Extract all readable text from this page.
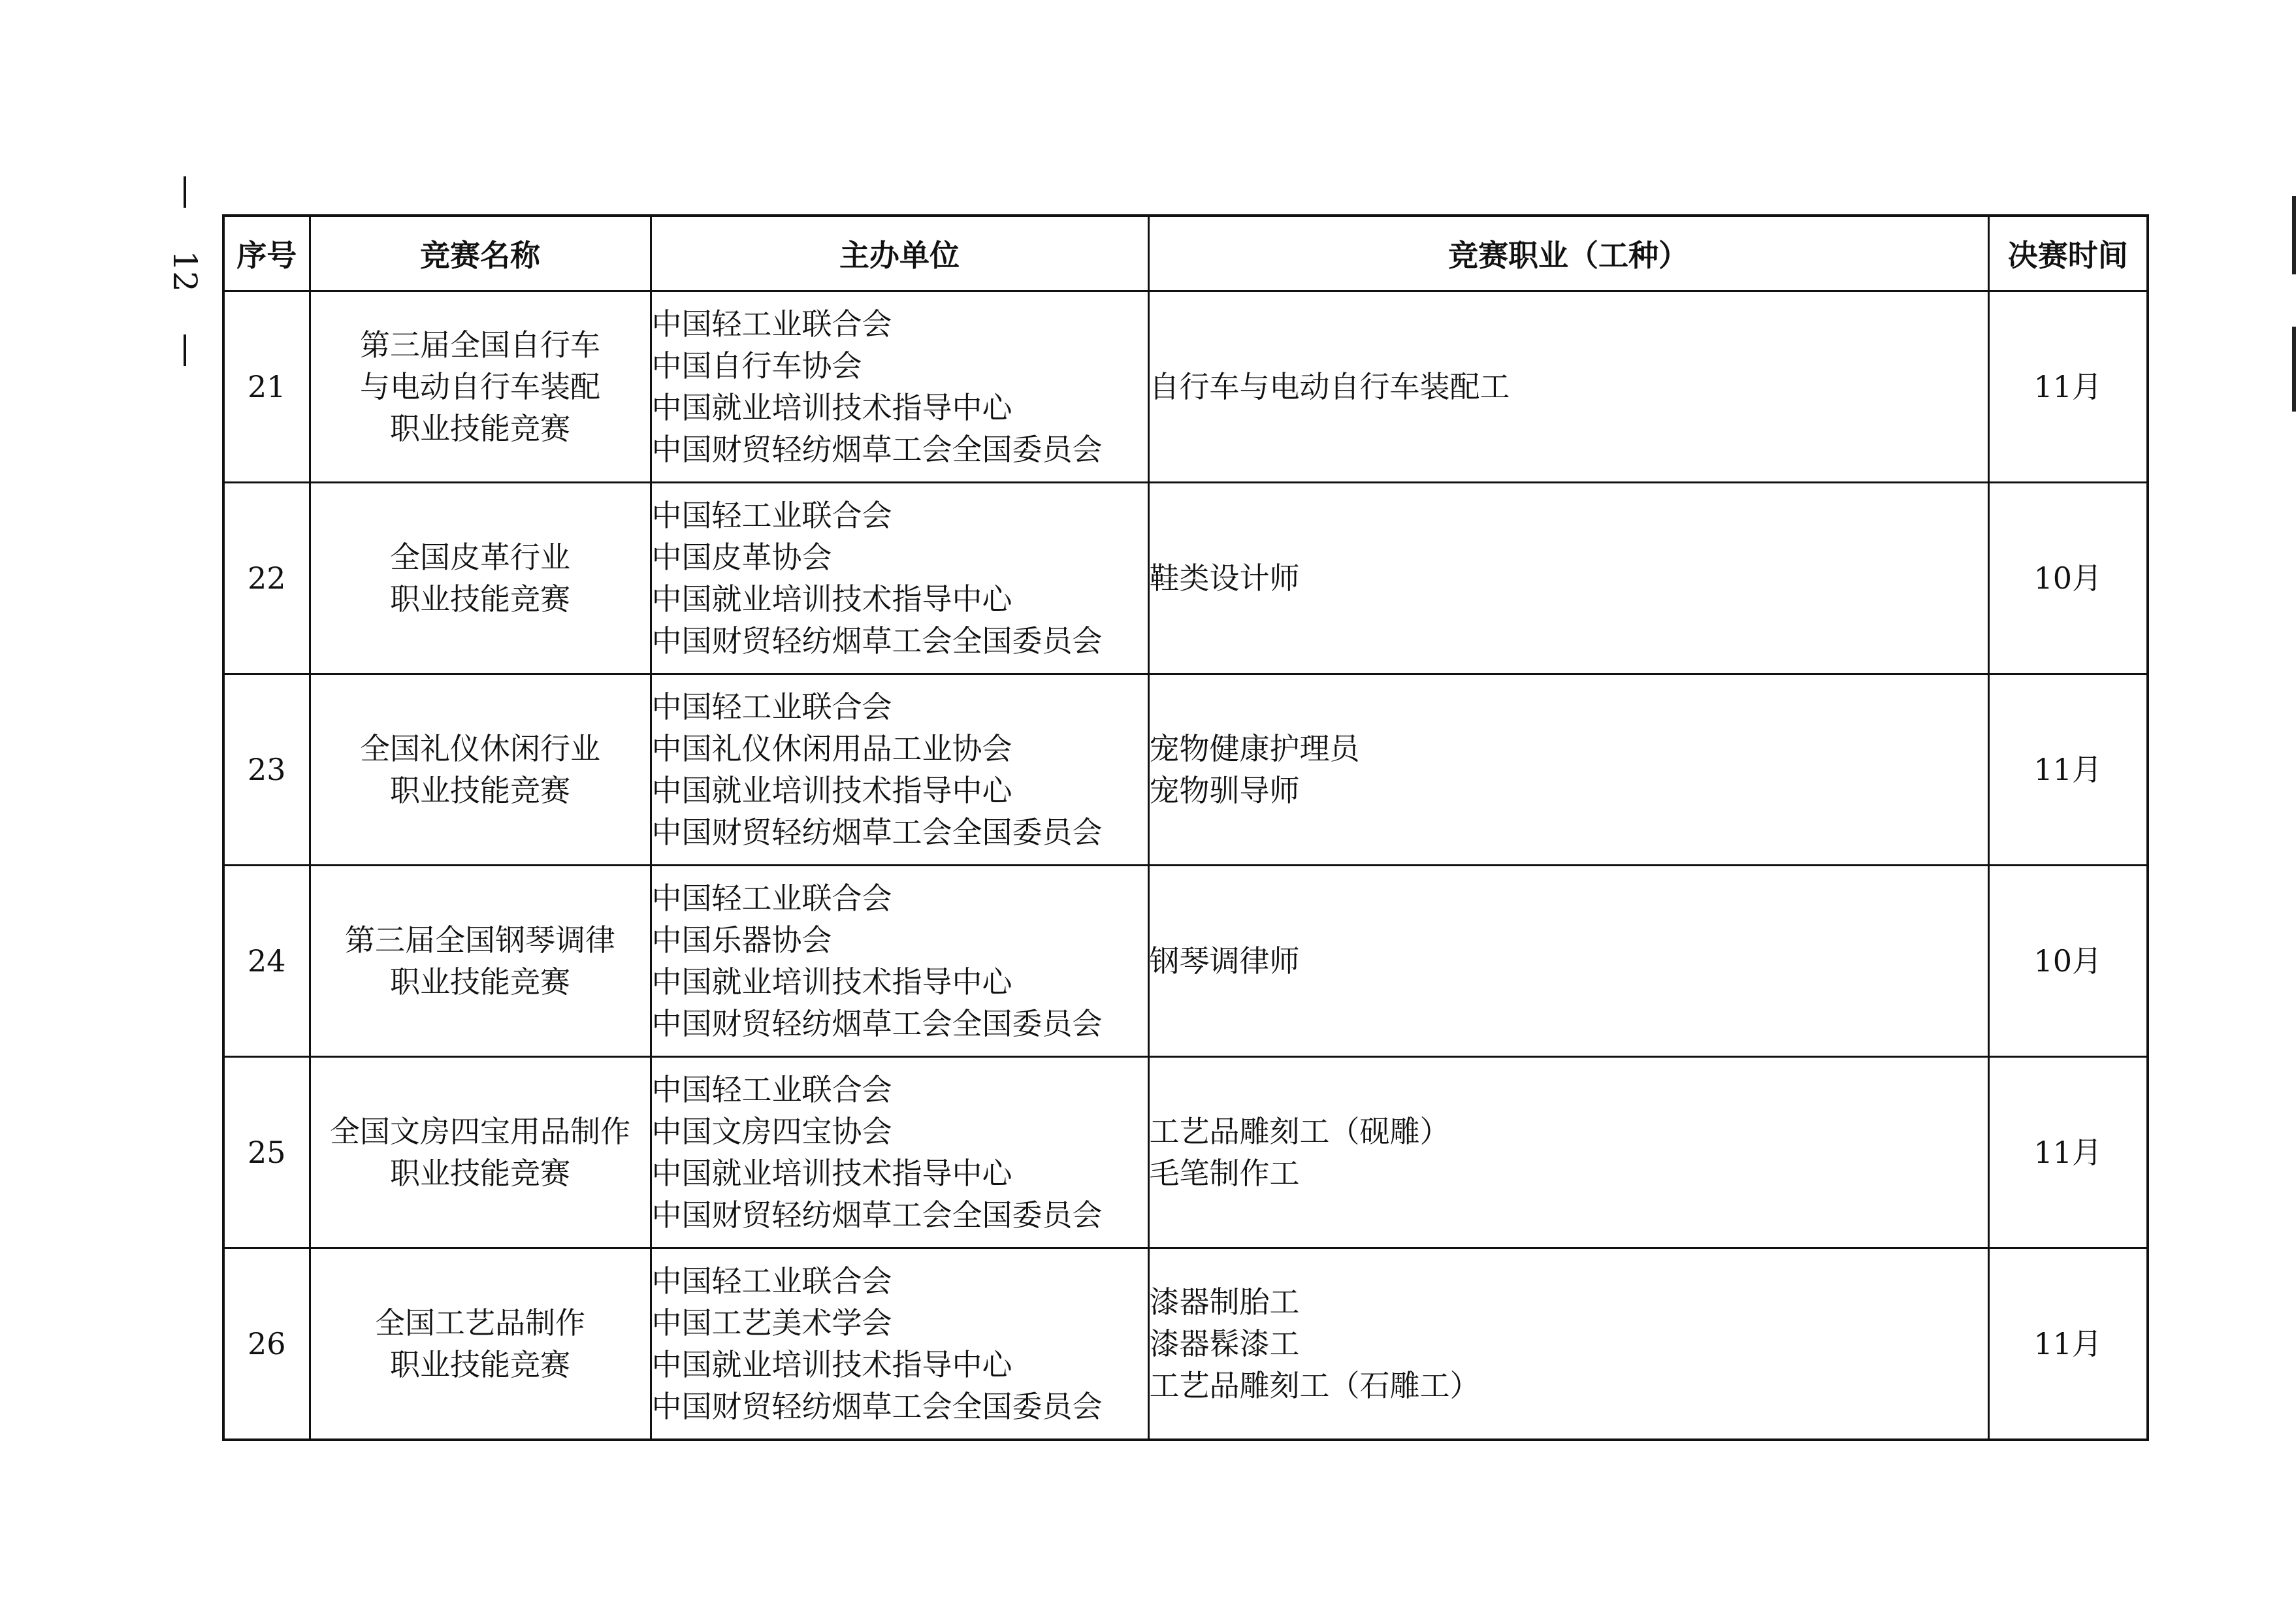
12 序号	竞赛名称	主办单位	竞赛职业（工种）	决赛时间
21	第三届全国自行车
与电动自行车装配
职业技能竞赛	中国轻工业联合会
中国自行车协会
中国就业培训技术指导中心
中国财贸轻纺烟草工会全国委员会	自行车与电动自行车装配工	11月
22	全国皮革行业
职业技能竞赛	中国轻工业联合会
中国皮革协会
中国就业培训技术指导中心
中国财贸轻纺烟草工会全国委员会	鞋类设计师	10月
23	全国礼仪休闲行业
职业技能竞赛	中国轻工业联合会
中国礼仪休闲用品工业协会
中国就业培训技术指导中心
中国财贸轻纺烟草工会全国委员会	宠物健康护理员
宠物驯导师	11月
24	第三届全国钢琴调律
职业技能竞赛	中国轻工业联合会
中国乐器协会
中国就业培训技术指导中心
中国财贸轻纺烟草工会全国委员会	钢琴调律师	10月
25	全国文房四宝用品制作
职业技能竞赛	中国轻工业联合会
中国文房四宝协会
中国就业培训技术指导中心
中国财贸轻纺烟草工会全国委员会	工艺品雕刻工（砚雕）
毛笔制作工	11月
26	全国工艺品制作
职业技能竞赛	中国轻工业联合会
中国工艺美术学会
中国就业培训技术指导中心
中国财贸轻纺烟草工会全国委员会	漆器制胎工
漆器髹漆工
工艺品雕刻工（石雕工）	11月
